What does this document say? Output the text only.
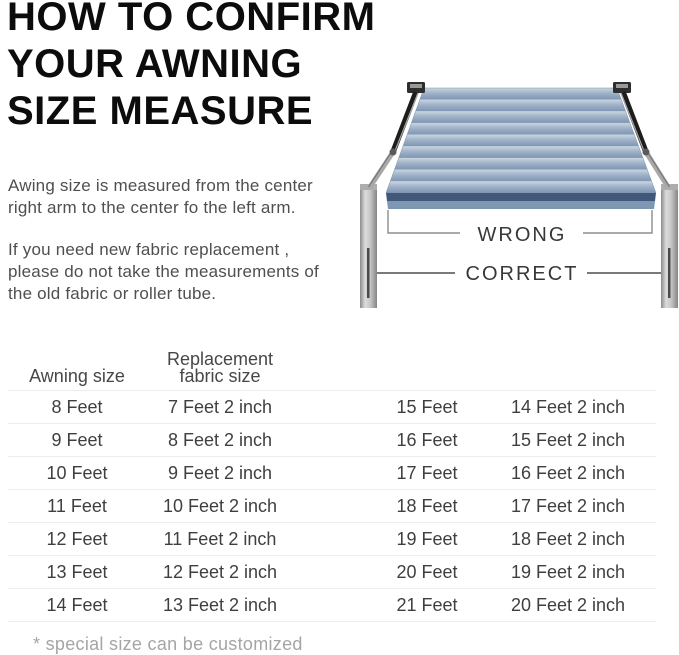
HOW TO CONFIRM
YOUR AWNING
SIZE MEASURE
Awing size is measured from the center
right arm to the center fo the left arm.
If you need new fabric replacement ,
please do not take the measurements of
the old fabric or roller tube.
WRONG
CORRECT
Awning size
Replacement fabric size
8 Feet	7 Feet 2 inch	15 Feet	14 Feet 2 inch
9 Feet	8 Feet 2 inch	16 Feet	15 Feet 2 inch
10 Feet	9 Feet 2 inch	17 Feet	16 Feet 2 inch
11 Feet	10 Feet 2 inch	18 Feet	17 Feet 2 inch
12 Feet	11 Feet 2 inch	19 Feet	18 Feet 2 inch
13 Feet	12 Feet 2 inch	20 Feet	19 Feet 2 inch
14 Feet	13 Feet 2 inch	21 Feet	20 Feet 2 inch
* special size can be customized
